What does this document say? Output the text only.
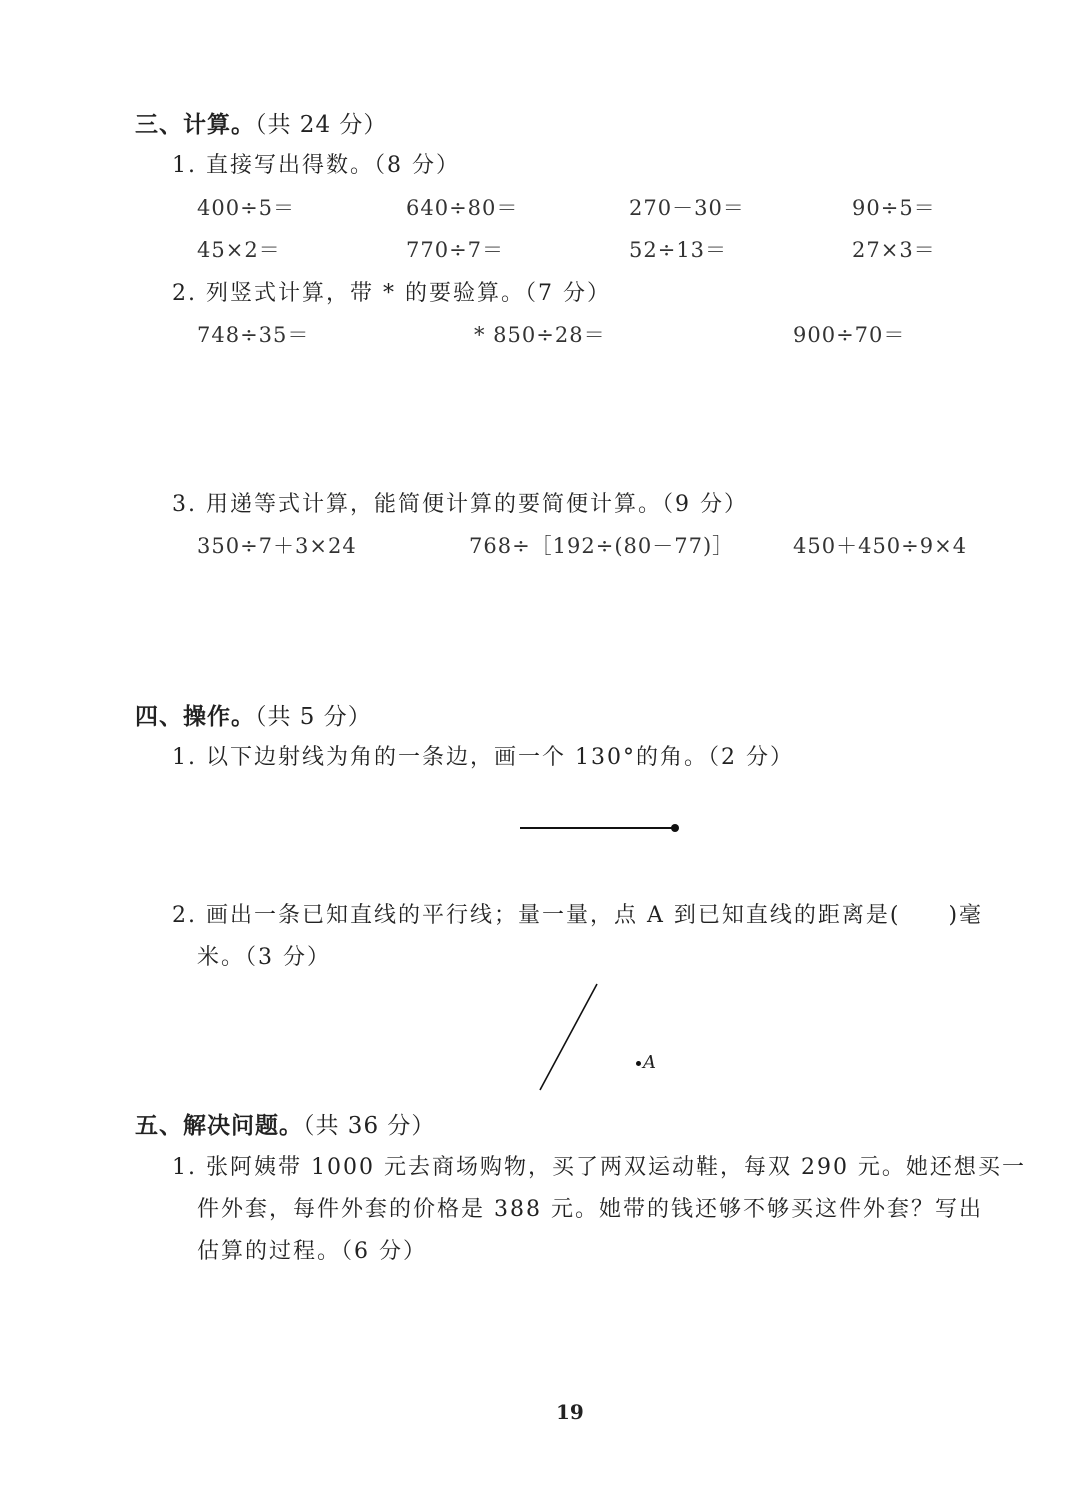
三、计算。（共 24 分）
1. 直接写出得数。（8 分）
400÷5＝	640÷80＝	270－30＝	90÷5＝
45×2＝	770÷7＝	52÷13＝	27×3＝
2. 列竖式计算，带 * 的要验算。（7 分）
748÷35＝	* 850÷28＝	900÷70＝
3. 用递等式计算，能简便计算的要简便计算。（9 分）
350÷7＋3×24	768÷［192÷(80－77)］	450＋450÷9×4
四、操作。（共 5 分）
1. 以下边射线为角的一条边，画一个 130°的角。（2 分）
2. 画出一条已知直线的平行线；量一量，点 A 到已知直线的距离是(　　)毫
米。（3 分）
A
五、解决问题。（共 36 分）
1. 张阿姨带 1000 元去商场购物，买了两双运动鞋，每双 290 元。她还想买一
件外套，每件外套的价格是 388 元。她带的钱还够不够买这件外套？写出
估算的过程。（6 分）
19
